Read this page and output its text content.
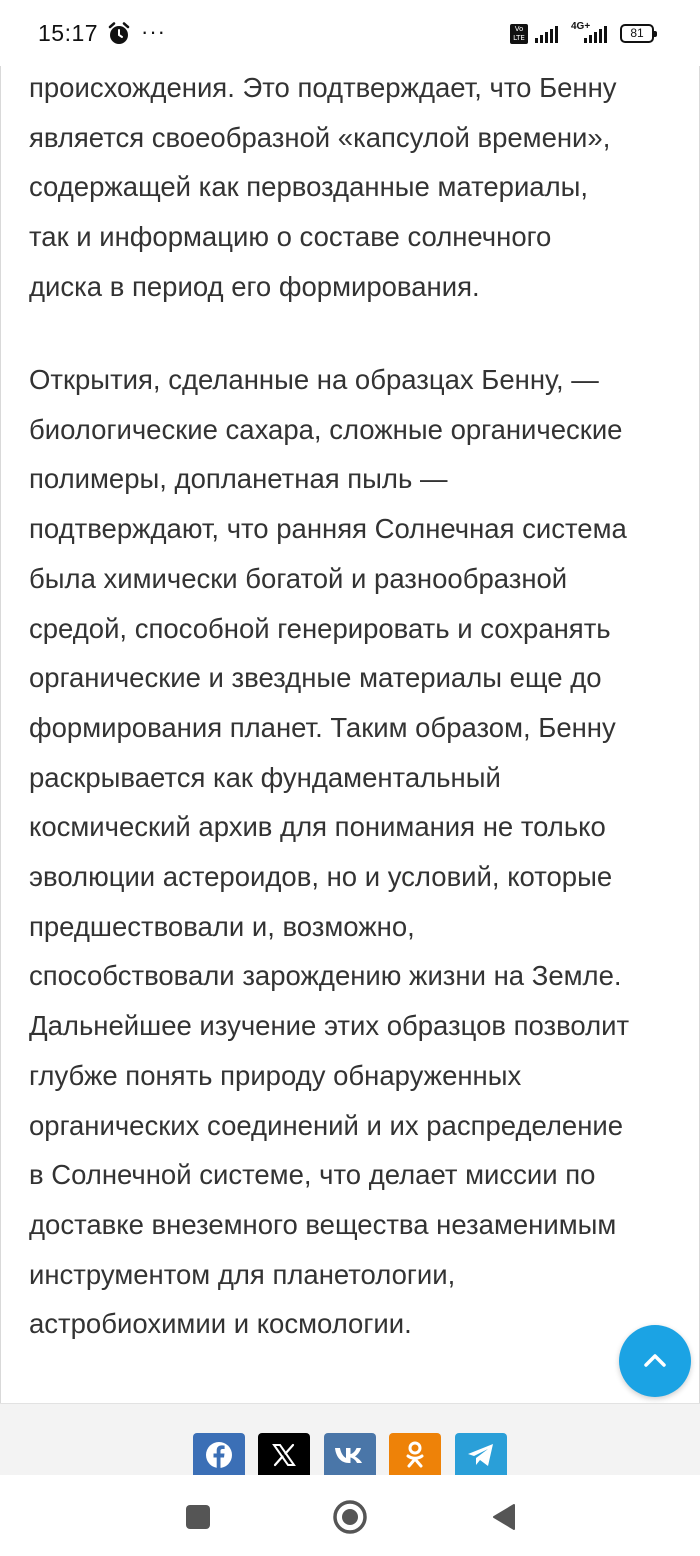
15:17 ···	Vo
LTE
4G+	81

происхождения. Это подтверждает, что Бенну
является своеобразной «капсулой времени»,
содержащей как первозданные материалы,
так и информацию о составе солнечного
диска в период его формирования.

Открытия, сделанные на образцах Бенну, —
биологические сахара, сложные органические
полимеры, допланетная пыль —
подтверждают, что ранняя Солнечная система
была химически богатой и разнообразной
средой, способной генерировать и сохранять
органические и звездные материалы еще до
формирования планет. Таким образом, Бенну
раскрывается как фундаментальный
космический архив для понимания не только
эволюции астероидов, но и условий, которые
предшествовали и, возможно,
способствовали зарождению жизни на Земле.
Дальнейшее изучение этих образцов позволит
глубже понять природу обнаруженных
органических соединений и их распределение
в Солнечной системе, что делает миссии по
доставке внеземного вещества незаменимым
инструментом для планетологии,
астробиохимии и космологии.
